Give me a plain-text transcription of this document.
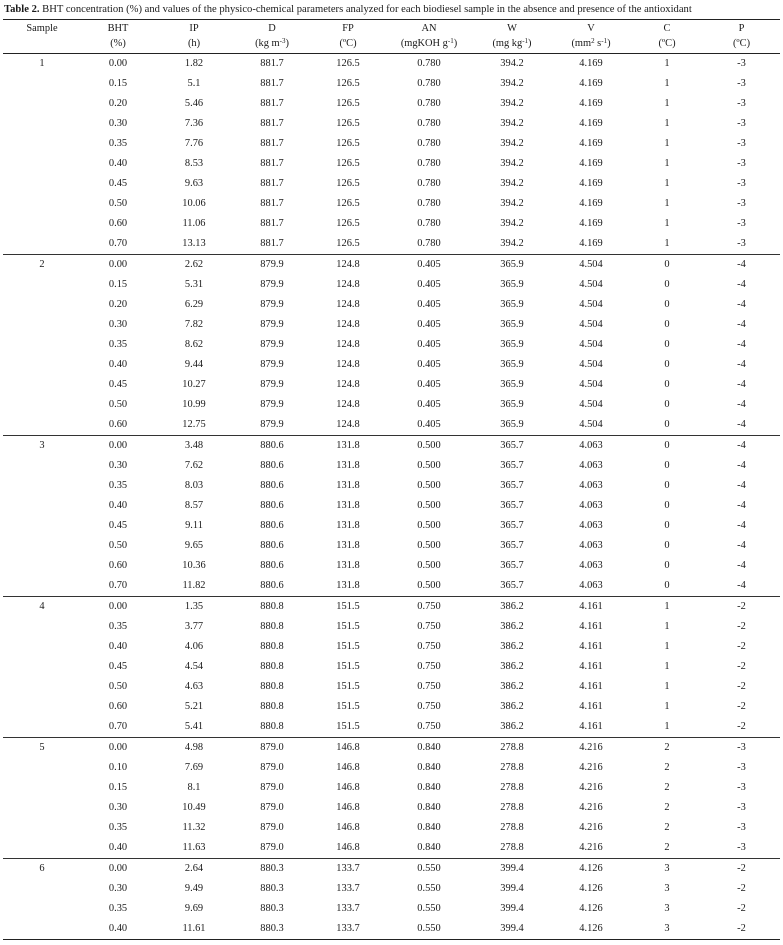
Table 2. BHT concentration (%) and values of the physico-chemical parameters analyzed for each biodiesel sample in the absence and presence of the antioxidant
Sample	BHT	IP	D	FP	AN	W	V	C	P
	(%)	(h)	(kg $m^{-3}$)	(ºC)	(mgKOH $g^{-1}$)	(mg $kg^{-1}$)	($mm^2$ $s^{-1}$)	(ºC)	(ºC)
1	0.00	1.82	881.7	126.5	0.780	394.2	4.169	1	-3
	0.15	5.1	881.7	126.5	0.780	394.2	4.169	1	-3
	0.20	5.46	881.7	126.5	0.780	394.2	4.169	1	-3
	0.30	7.36	881.7	126.5	0.780	394.2	4.169	1	-3
	0.35	7.76	881.7	126.5	0.780	394.2	4.169	1	-3
	0.40	8.53	881.7	126.5	0.780	394.2	4.169	1	-3
	0.45	9.63	881.7	126.5	0.780	394.2	4.169	1	-3
	0.50	10.06	881.7	126.5	0.780	394.2	4.169	1	-3
	0.60	11.06	881.7	126.5	0.780	394.2	4.169	1	-3
	0.70	13.13	881.7	126.5	0.780	394.2	4.169	1	-3
2	0.00	2.62	879.9	124.8	0.405	365.9	4.504	0	-4
	0.15	5.31	879.9	124.8	0.405	365.9	4.504	0	-4
	0.20	6.29	879.9	124.8	0.405	365.9	4.504	0	-4
	0.30	7.82	879.9	124.8	0.405	365.9	4.504	0	-4
	0.35	8.62	879.9	124.8	0.405	365.9	4.504	0	-4
	0.40	9.44	879.9	124.8	0.405	365.9	4.504	0	-4
	0.45	10.27	879.9	124.8	0.405	365.9	4.504	0	-4
	0.50	10.99	879.9	124.8	0.405	365.9	4.504	0	-4
	0.60	12.75	879.9	124.8	0.405	365.9	4.504	0	-4
3	0.00	3.48	880.6	131.8	0.500	365.7	4.063	0	-4
	0.30	7.62	880.6	131.8	0.500	365.7	4.063	0	-4
	0.35	8.03	880.6	131.8	0.500	365.7	4.063	0	-4
	0.40	8.57	880.6	131.8	0.500	365.7	4.063	0	-4
	0.45	9.11	880.6	131.8	0.500	365.7	4.063	0	-4
	0.50	9.65	880.6	131.8	0.500	365.7	4.063	0	-4
	0.60	10.36	880.6	131.8	0.500	365.7	4.063	0	-4
	0.70	11.82	880.6	131.8	0.500	365.7	4.063	0	-4
4	0.00	1.35	880.8	151.5	0.750	386.2	4.161	1	-2
	0.35	3.77	880.8	151.5	0.750	386.2	4.161	1	-2
	0.40	4.06	880.8	151.5	0.750	386.2	4.161	1	-2
	0.45	4.54	880.8	151.5	0.750	386.2	4.161	1	-2
	0.50	4.63	880.8	151.5	0.750	386.2	4.161	1	-2
	0.60	5.21	880.8	151.5	0.750	386.2	4.161	1	-2
	0.70	5.41	880.8	151.5	0.750	386.2	4.161	1	-2
5	0.00	4.98	879.0	146.8	0.840	278.8	4.216	2	-3
	0.10	7.69	879.0	146.8	0.840	278.8	4.216	2	-3
	0.15	8.1	879.0	146.8	0.840	278.8	4.216	2	-3
	0.30	10.49	879.0	146.8	0.840	278.8	4.216	2	-3
	0.35	11.32	879.0	146.8	0.840	278.8	4.216	2	-3
	0.40	11.63	879.0	146.8	0.840	278.8	4.216	2	-3
6	0.00	2.64	880.3	133.7	0.550	399.4	4.126	3	-2
	0.30	9.49	880.3	133.7	0.550	399.4	4.126	3	-2
	0.35	9.69	880.3	133.7	0.550	399.4	4.126	3	-2
	0.40	11.61	880.3	133.7	0.550	399.4	4.126	3	-2
